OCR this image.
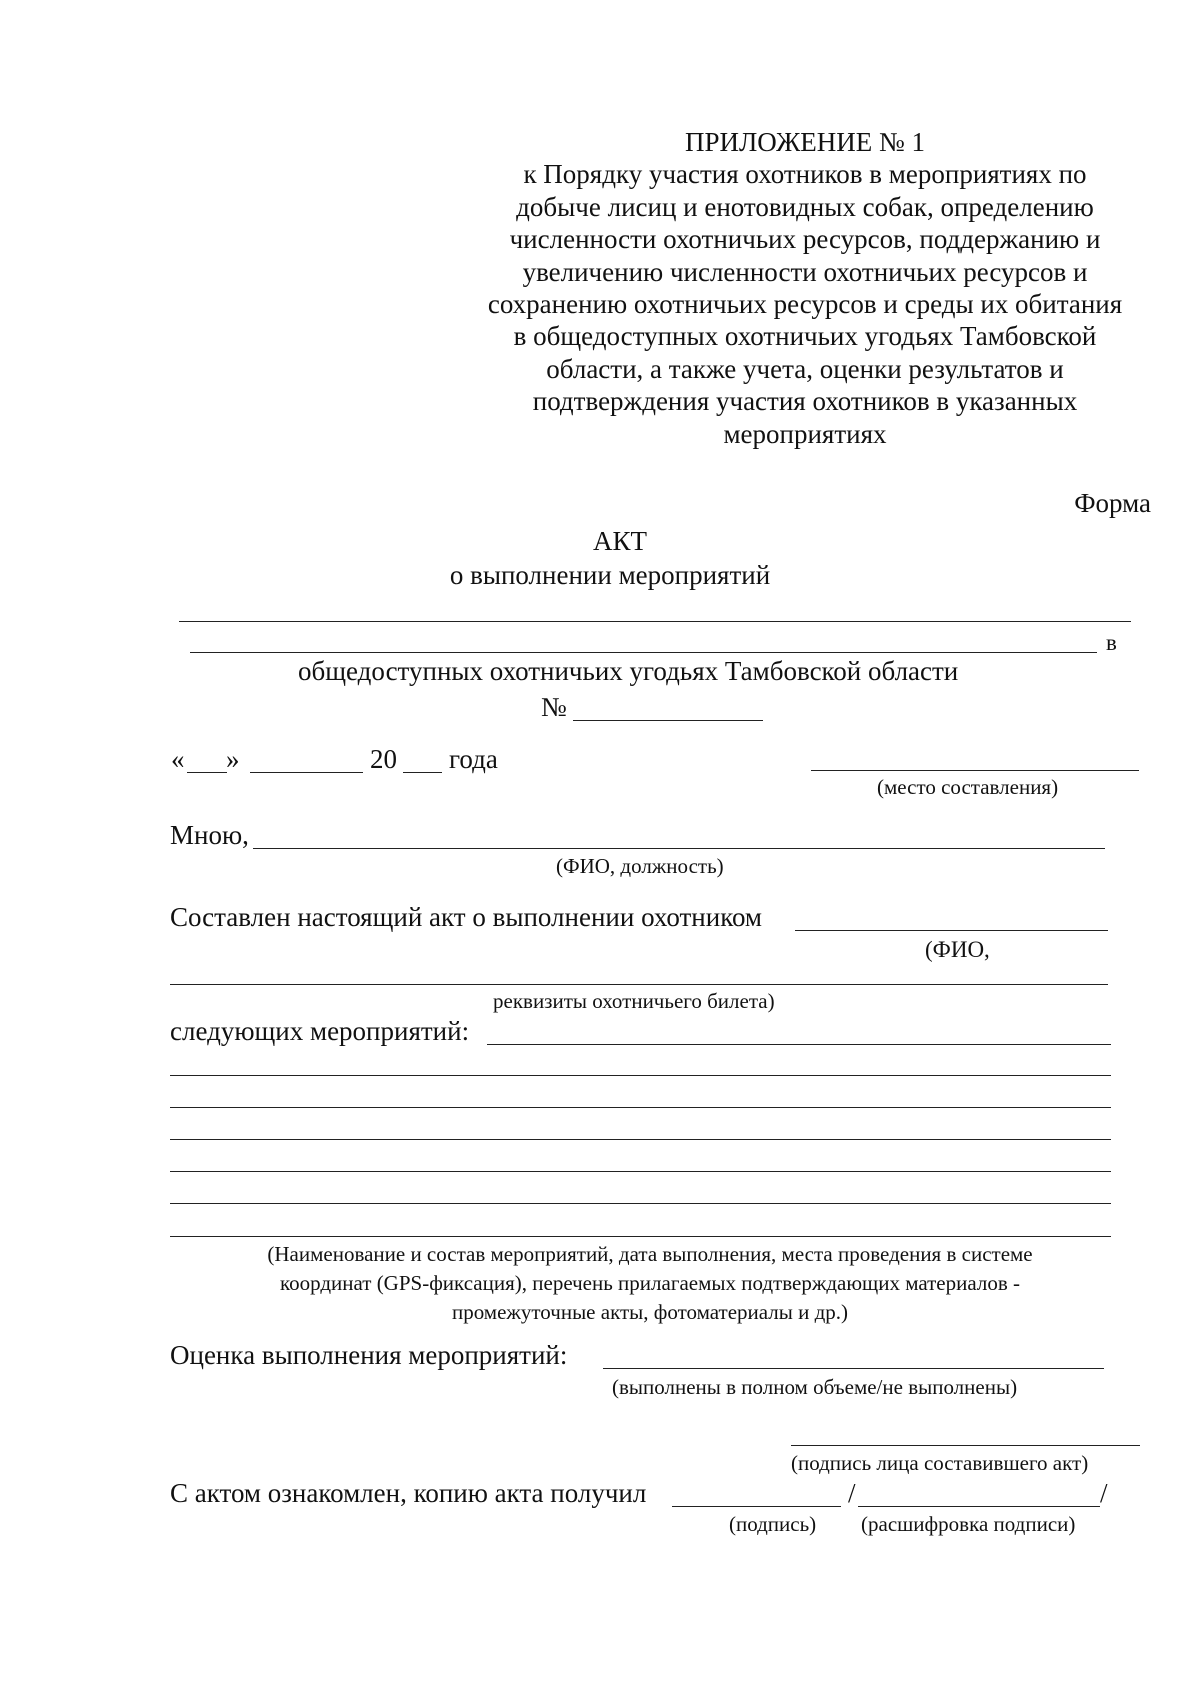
ПРИЛОЖЕНИЕ № 1
к Порядку участия охотников в мероприятиях по
добыче лисиц и енотовидных собак, определению
численности охотничьих ресурсов, поддержанию и
увеличению численности охотничьих ресурсов и
сохранению охотничьих ресурсов и среды их обитания
в общедоступных охотничьих угодьях Тамбовской
области, а также учета, оценки результатов и
подтверждения участия охотников в указанных
мероприятиях
Форма
АКТ
о выполнении мероприятий
в
общедоступных охотничьих угодьях Тамбовской области
№
« »	20 года
(место составления)
Мною,
(ФИО, должность)
Составлен настоящий акт о выполнении охотником
(ФИО,
реквизиты охотничьего билета)
следующих мероприятий:
(Наименование и состав мероприятий, дата выполнения, места проведения в системе
координат (GPS-фиксация), перечень прилагаемых подтверждающих материалов -
промежуточные акты, фотоматериалы и др.)
Оценка выполнения мероприятий:
(выполнены в полном объеме/не выполнены)
(подпись лица составившего акт)
С актом ознакомлен, копию акта получил	/	/
(подпись) (расшифровка подписи)
